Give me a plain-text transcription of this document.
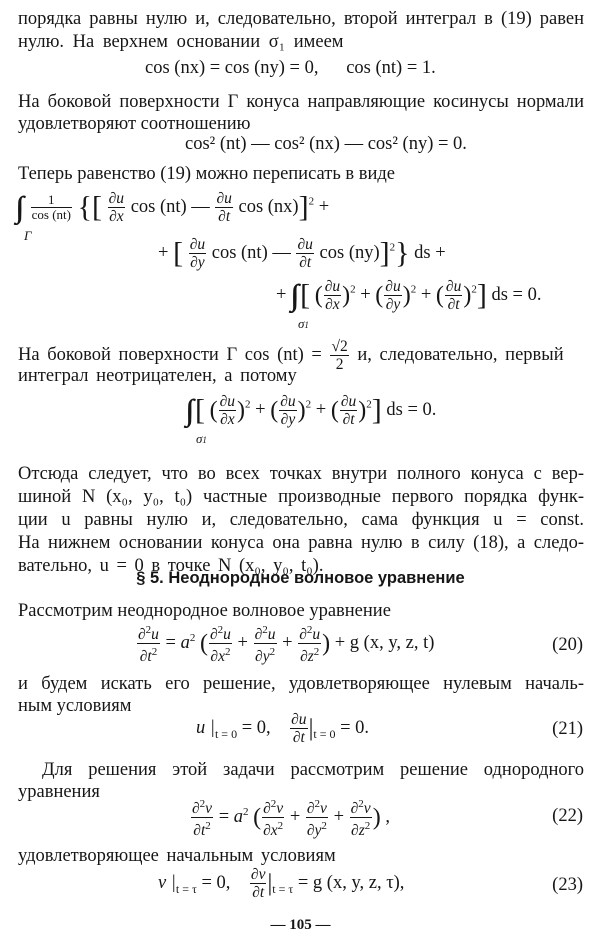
порядка равны нулю и, следовательно, второй интеграл в (19) равен
нулю. На верхнем основании σ₁ имеем
cos (nx) = cos (ny) = 0, cos (nt) = 1.
На боковой поверхности Γ конуса направляющие косинусы нормали
удовлетворяют соотношению
cos² (nt) — cos² (nx) — cos² (ny) = 0.
Теперь равенство (19) можно переписать в виде
$\frac{1}{\cos (nt)}$ {[ $\frac{\partial u}{\partial x}$ cos (nt) — $\frac{\partial u}{\partial t}$ cos (nx)]$^2$ +
Γ
+ [ $\frac{\partial u}{\partial y}$ cos (nt) — $\frac{\partial u}{\partial t}$ cos (ny)]$^2$} ds +
+ [ ( $\frac{\partial u}{\partial x} )^2$ + ( $\frac{\partial u}{\partial y} )^2$ + ( $\frac{\partial u}{\partial t} )^2$] ds = 0.
σ1
На боковой поверхности Γ $\cos (nt) = \frac{√2}{2} и$, следовательно, первый
интеграл неотрицателен, а потому
[ ( $\frac{\partial u}{\partial x} )^2$ + ( $\frac{\partial u}{\partial y} )^2$ + ( $\frac{\partial u}{\partial t} )^2$] ds = 0.
σ1
Отсюда следует, что во всех точках внутри полного конуса с вер-
шиной N (x₀, y₀, t₀) частные производные первого порядка функ-
ции u равны нулю и, следовательно, сама функция u = const.
На нижнем основании конуса она равна нулю в силу (18), а следо-
вательно, u = 0 в точке N (x₀, y₀, t₀).
§ 5. Неоднородное волновое уравнение
Рассмотрим неоднородное волновое уравнение
$\frac{\partial^2u}{\partial t^2} = a^2$ ( $\frac{\partial^2u}{\partial x^2} + \frac{\partial^2u}{\partial y^2} + \frac{\partial^2u}{\partial z^2}$ ) + g (x, y, z, t)	(20)
и будем искать его решение, удовлетворяющее нулевым началь-
ным условиям
u $|_{t = 0} = 0$, $\frac{\partial u}{\partial t} |_{t = 0} = 0$.	(21)
Для решения этой задачи рассмотрим решение однородного
уравнения
$\frac{\partial^2v}{\partial t^2} = a^2$ ( $\frac{\partial^2v}{\partial x^2} + \frac{\partial^2v}{\partial y^2} + \frac{\partial^2v}{\partial z^2}$ ) ,	(22)
удовлетворяющее начальным условиям
v $|_{t = \tau} = 0$, $\frac{\partial v}{\partial t} |_{t = \tau} = g$ (x, y, z, τ),	(23)
— 105 —
